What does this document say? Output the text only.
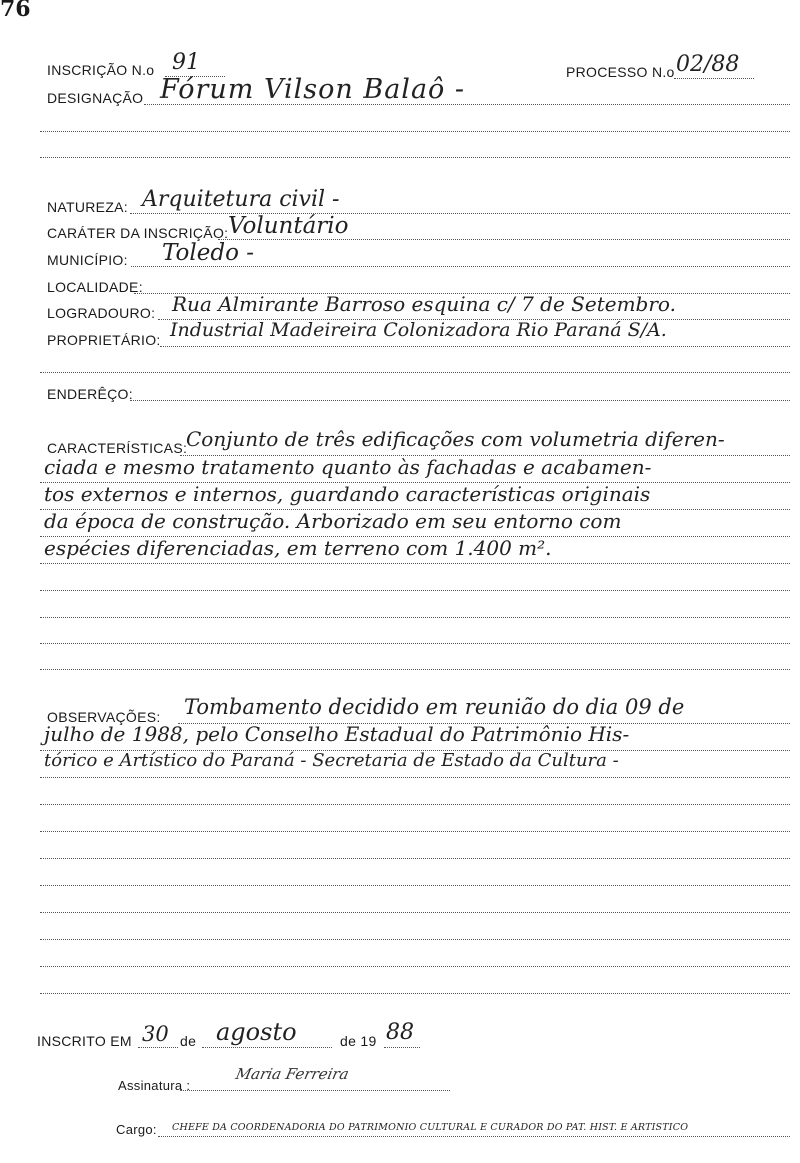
76
INSCRIÇÃO N.o 91	PROCESSO N.o 02/88
DESIGNAÇÃO Fórum Vilson Balaô -
NATUREZA: Arquitetura civil -
CARÁTER DA INSCRIÇÃO: Voluntário
MUNICÍPIO: Toledo -
LOCALIDADE:
LOGRADOURO: Rua Almirante Barroso esquina c/ 7 de Setembro.
PROPRIETÁRIO: Industrial Madeireira Colonizadora Rio Paraná S/A.
ENDERÊÇO:
CARACTERÍSTICAS:
Conjunto de três edificações com volumetria diferen-
ciada e mesmo tratamento quanto às fachadas e acabamen-
tos externos e internos, guardando características originais
da época de construção. Arborizado em seu entorno com
espécies diferenciadas, em terreno com 1.400 m².
OBSERVAÇÕES: Tombamento decidido em reunião do dia 09 de
julho de 1988, pelo Conselho Estadual do Patrimônio His-
tórico e Artístico do Paraná - Secretaria de Estado da Cultura -
INSCRITO EM 30 de agosto	de 19 88
Assinatura :
Maria Ferreira
Cargo: CHEFE DA COORDENADORIA DO PATRIMONIO CULTURAL E CURADOR DO PAT. HIST. E ARTISTICO
